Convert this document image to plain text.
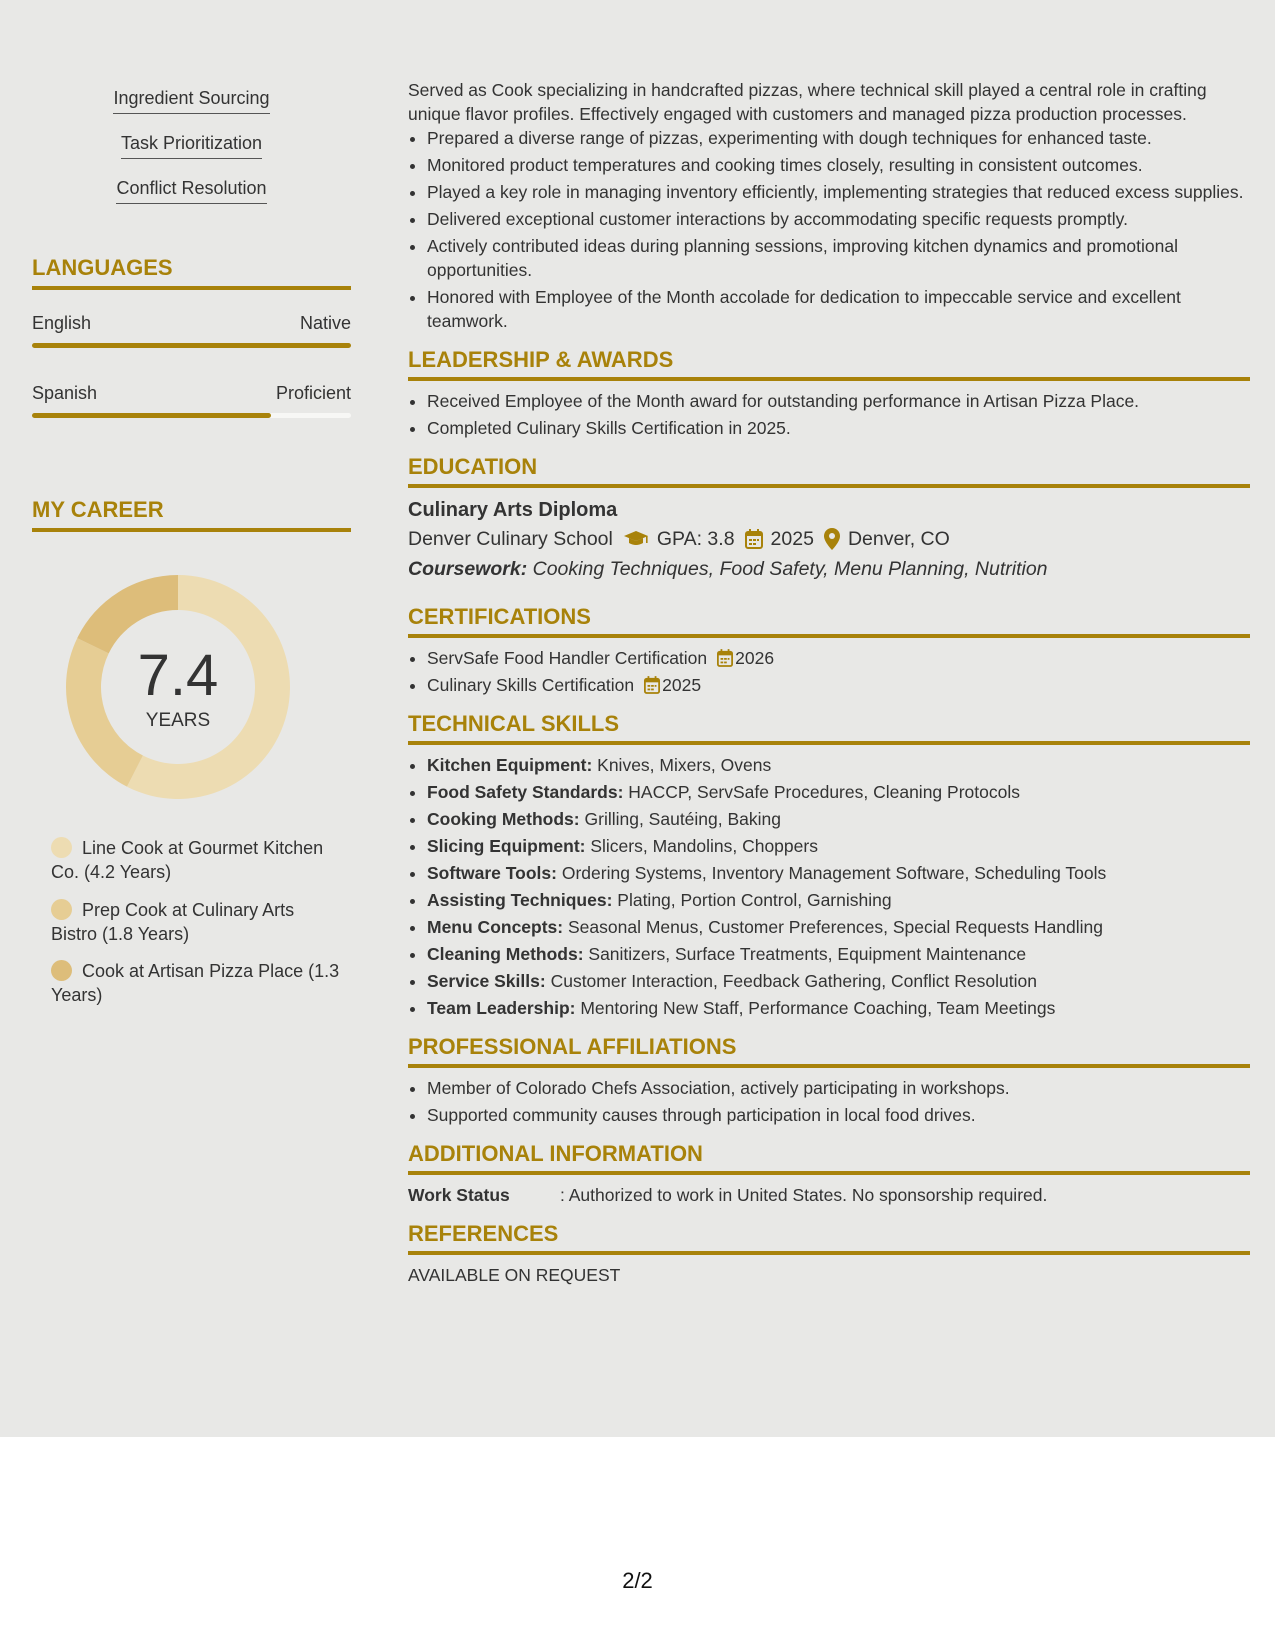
Ingredient Sourcing
Task Prioritization
Conflict Resolution
LANGUAGES
English	Native
Spanish	Proficient
MY CAREER
7.4
YEARS
Line Cook at Gourmet Kitchen Co. (4.2 Years)
Prep Cook at Culinary Arts Bistro (1.8 Years)
Cook at Artisan Pizza Place (1.3 Years)

Served as Cook specializing in handcrafted pizzas, where technical skill played a central role in crafting unique flavor profiles. Effectively engaged with customers and managed pizza production processes.

• Prepared a diverse range of pizzas, experimenting with dough techniques for enhanced taste.
• Monitored product temperatures and cooking times closely, resulting in consistent outcomes.
• Played a key role in managing inventory efficiently, implementing strategies that reduced excess supplies.
• Delivered exceptional customer interactions by accommodating specific requests promptly.
• Actively contributed ideas during planning sessions, improving kitchen dynamics and promotional opportunities.
• Honored with Employee of the Month accolade for dedication to impeccable service and excellent teamwork.
LEADERSHIP & AWARDS
• Received Employee of the Month award for outstanding performance in Artisan Pizza Place.
• Completed Culinary Skills Certification in 2025.
EDUCATION
Culinary Arts Diploma
Denver Culinary School GPA: 3.8 2025 Denver, CO
Coursework: Cooking Techniques, Food Safety, Menu Planning, Nutrition
CERTIFICATIONS
• ServSafe Food Handler Certification 2026
• Culinary Skills Certification 2025
TECHNICAL SKILLS
• Kitchen Equipment: Knives, Mixers, Ovens
• Food Safety Standards: HACCP, ServSafe Procedures, Cleaning Protocols
• Cooking Methods: Grilling, Sautéing, Baking
• Slicing Equipment: Slicers, Mandolins, Choppers
• Software Tools: Ordering Systems, Inventory Management Software, Scheduling Tools
• Assisting Techniques: Plating, Portion Control, Garnishing
• Menu Concepts: Seasonal Menus, Customer Preferences, Special Requests Handling
• Cleaning Methods: Sanitizers, Surface Treatments, Equipment Maintenance
• Service Skills: Customer Interaction, Feedback Gathering, Conflict Resolution
• Team Leadership: Mentoring New Staff, Performance Coaching, Team Meetings
PROFESSIONAL AFFILIATIONS
• Member of Colorado Chefs Association, actively participating in workshops.
• Supported community causes through participation in local food drives.
ADDITIONAL INFORMATION
Work Status	: Authorized to work in United States. No sponsorship required.
REFERENCES

AVAILABLE ON REQUEST

2/2
